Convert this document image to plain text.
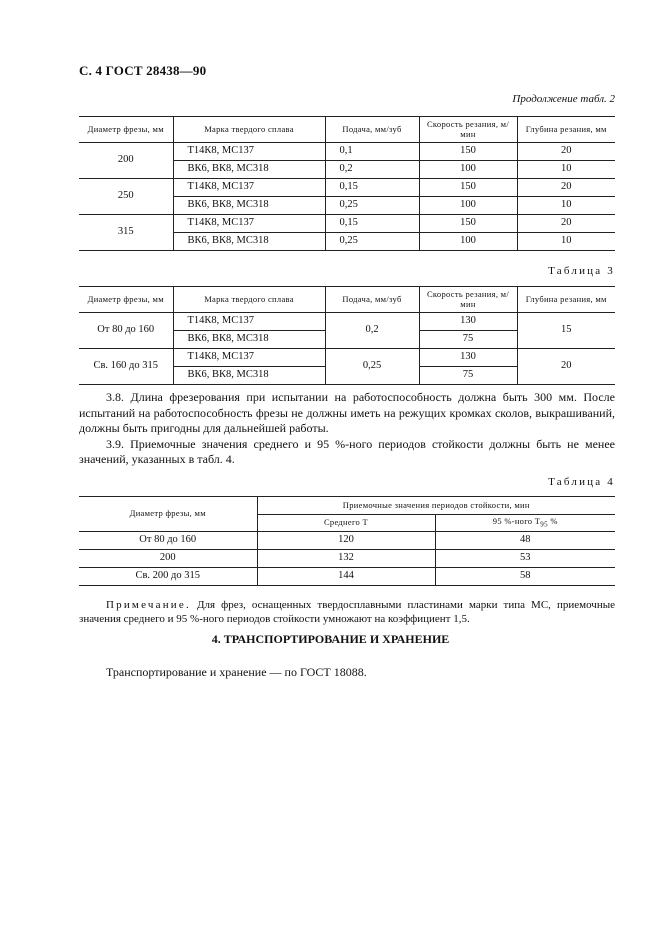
С. 4 ГОСТ 28438—90
Продолжение табл. 2
Диаметр фрезы, мм	Марка твердого сплава	Подача, мм/зуб	Скорость резания, м/мин	Глубина резания, мм
200	Т14К8, МС137	0,1	150	20
	ВК6, ВК8, МС318	0,2	100	10
250	Т14К8, МС137	0,15	150	20
	ВК6, ВК8, МС318	0,25	100	10
315	Т14К8, МС137	0,15	150	20
	ВК6, ВК8, МС318	0,25	100	10
Таблица 3
Диаметр фрезы, мм	Марка твердого сплава	Подача, мм/зуб	Скорость резания, м/мин	Глубина резания, мм
От 80 до 160	Т14К8, МС137	0,2	130	15
	ВК6, ВК8, МС318		75	
Св. 160 до 315	Т14К8, МС137	0,25	130	20
	ВК6, ВК8, МС318		75	

3.8. Длина фрезерования при испытании на работоспособность должна быть 300 мм. После испытаний на работоспособность фрезы не должны иметь на режущих кромках сколов, выкрашиваний, должны быть пригодны для дальнейшей работы.

3.9. Приемочные значения среднего и 95 %-ного периодов стойкости должны быть не менее значений, указанных в табл. 4.

Таблица 4
Диаметр фрезы, мм	Приемочные значения периодов стойкости, мин	
	Среднего T	95 %-ного $T_{95}$ %
От 80 до 160	120	48
200	132	53
Св. 200 до 315	144	58

Примечание. Для фрез, оснащенных твердосплавными пластинами марки типа МС, приемочные значения среднего и 95 %-ного периодов стойкости умножают на коэффициент 1,5.

4. ТРАНСПОРТИРОВАНИЕ И ХРАНЕНИЕ
Транспортирование и хранение — по ГОСТ 18088.
